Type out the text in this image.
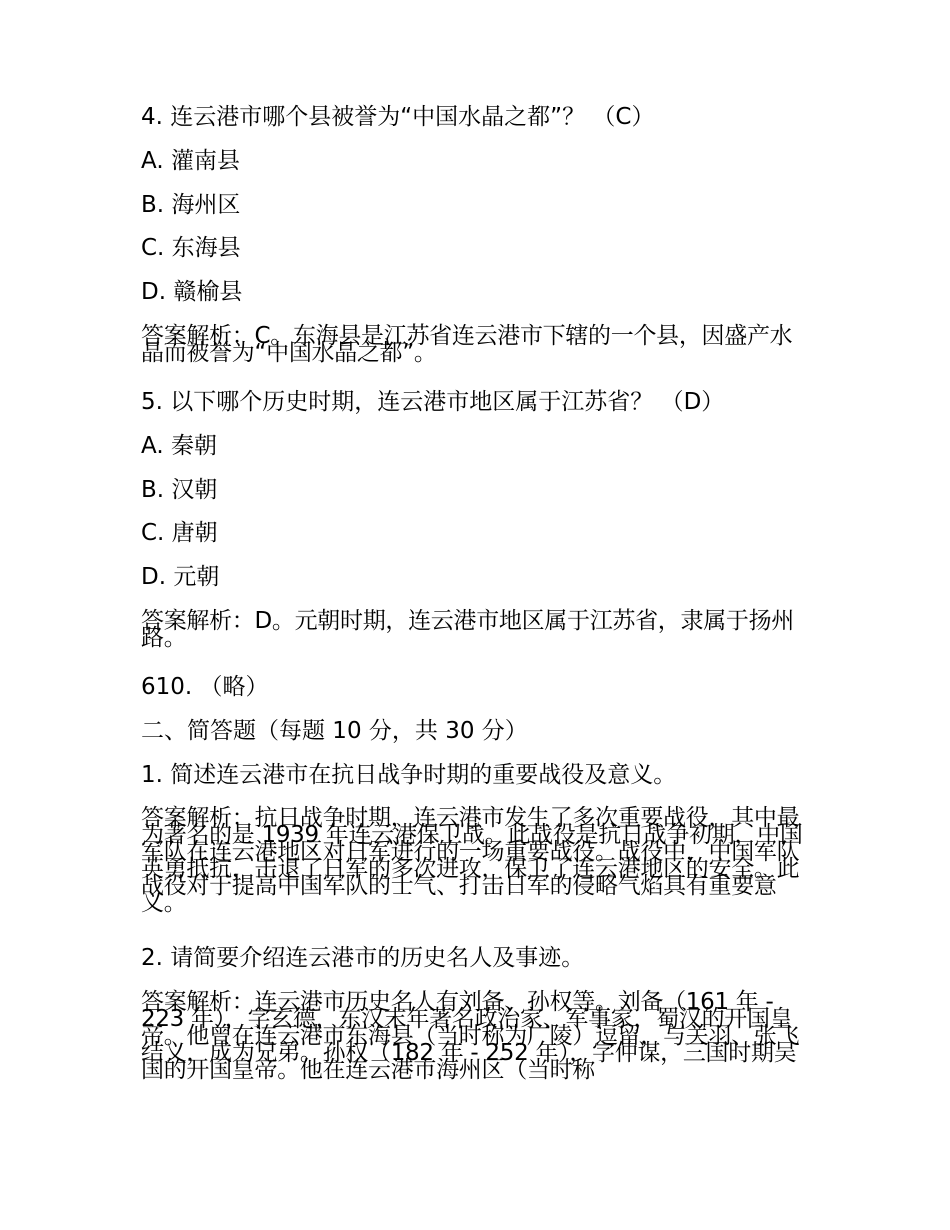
4. 连云港市哪个县被誉为“中国水晶之都”？ （C）
A. 灌南县
B. 海州区
C. 东海县
D. 赣榆县
答案解析：C。东海县是江苏省连云港市下辖的一个县，因盛产水晶而被誉为“中国水晶之都”。
5. 以下哪个历史时期，连云港市地区属于江苏省？ （D）
A. 秦朝
B. 汉朝
C. 唐朝
D. 元朝
答案解析：D。元朝时期，连云港市地区属于江苏省，隶属于扬州路。
610. （略）
二、简答题（每题 10 分，共 30 分）
1. 简述连云港市在抗日战争时期的重要战役及意义。
答案解析：抗日战争时期，连云港市发生了多次重要战役，其中最为著名的是 1939 年连云港保卫战。此战役是抗日战争初期，中国军队在连云港地区对日军进行的一场重要战役。战役中，中国军队英勇抵抗，击退了日军的多次进攻，保卫了连云港地区的安全。此战役对于提高中国军队的士气、打击日军的侵略气焰具有重要意义。
2. 请简要介绍连云港市的历史名人及事迹。
答案解析：连云港市历史名人有刘备、孙权等。刘备（161 年 - 223 年），字玄德，东汉末年著名政治家、军事家，蜀汉的开国皇帝。他曾在连云港市东海县（当时称为广陵）逗留，与关羽、张飞结义，成为兄弟。孙权（182 年 - 252 年），字仲谋，三国时期吴国的开国皇帝。他在连云港市海州区（当时称
